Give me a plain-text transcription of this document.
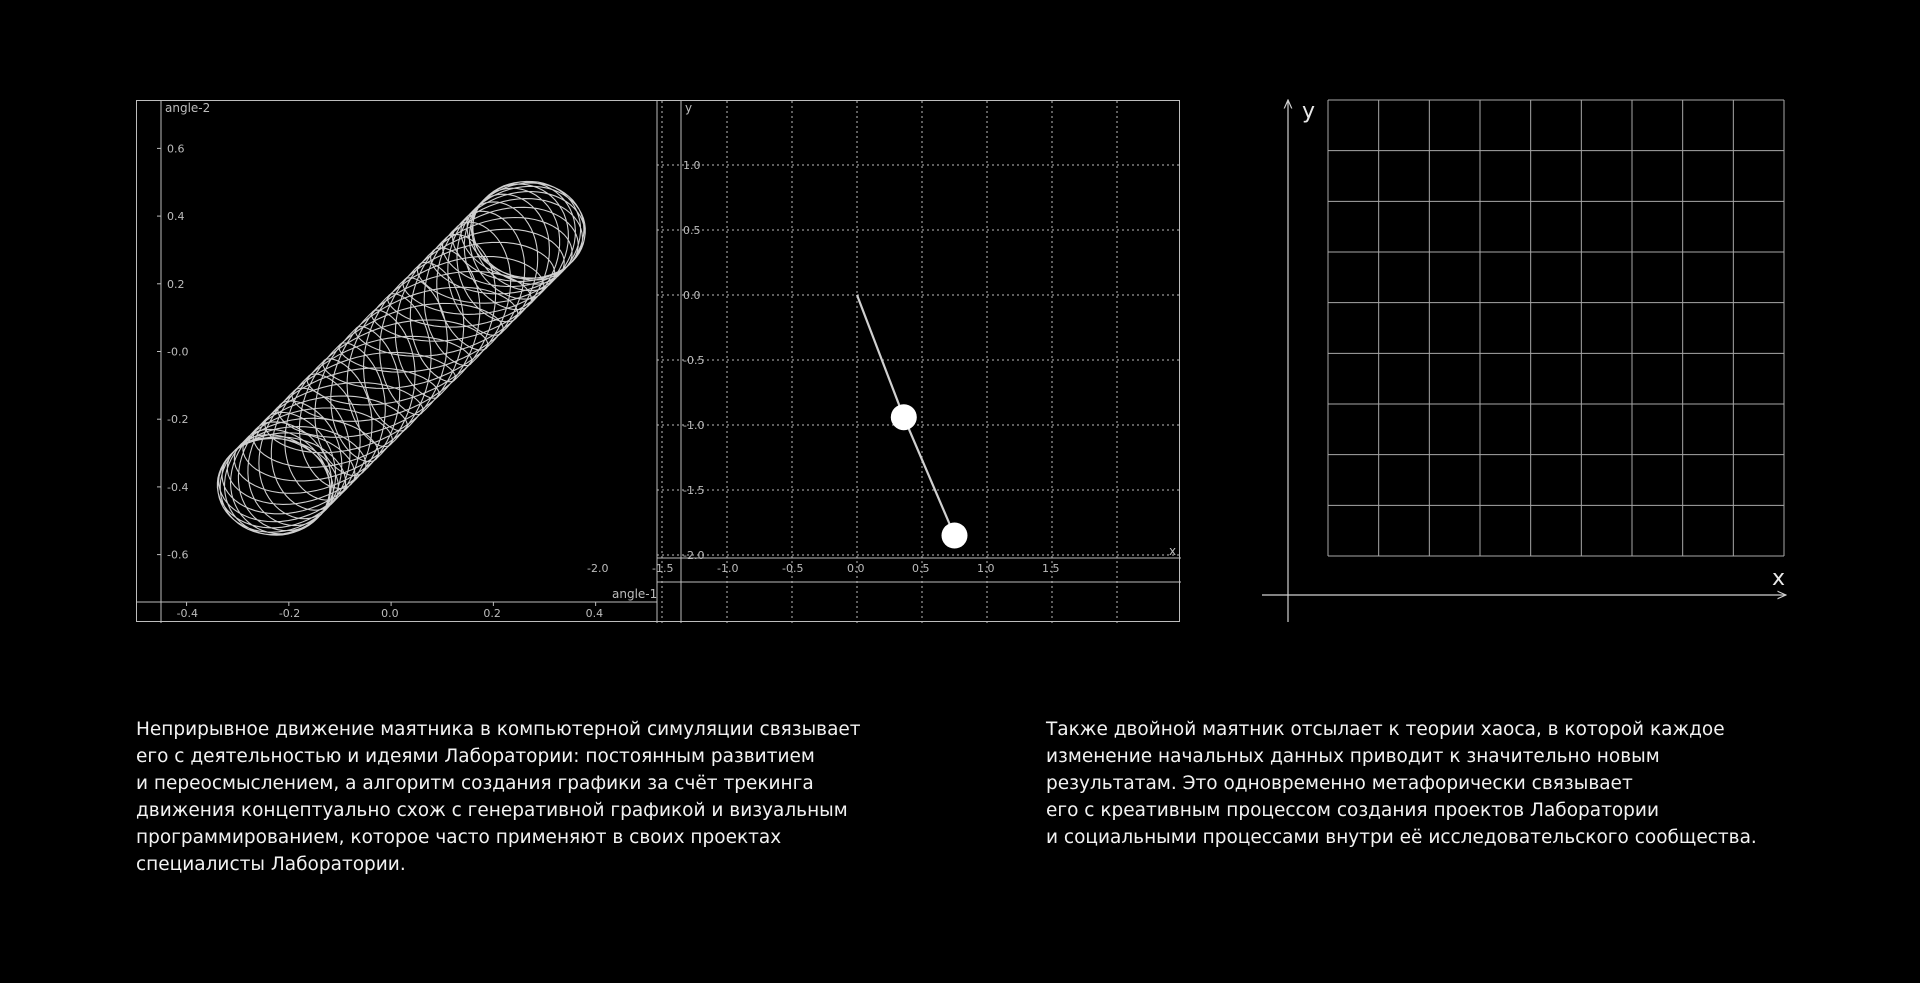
angle-2
angle-1
0.6
0.4
0.2
-0.0
-0.2
-0.4
-0.6
-0.4	-0.2	0.0	0.2	0.4
y
x
1.0
0.5
0.0
-0.5
-1.0
-1.5
-2.0
-2.0	-1.5	-1.0	-0.5	0.0	0.5	1.0	1.5
y
x
Неприрывное движение маятника в компьютерной симуляции связывает
его с деятельностью и идеями Лаборатории: постоянным развитием
и переосмыслением, а алгоритм создания графики за счёт трекинга
движения концептуально схож с генеративной графикой и визуальным
программированием, которое часто применяют в своих проектах
специалисты Лаборатории.
Также двойной маятник отсылает к теории хаоса, в которой каждое
изменение начальных данных приводит к значительно новым
результатам. Это одновременно метафорически связывает
его с креативным процессом создания проектов Лаборатории
и социальными процессами внутри её исследовательского сообщества.
